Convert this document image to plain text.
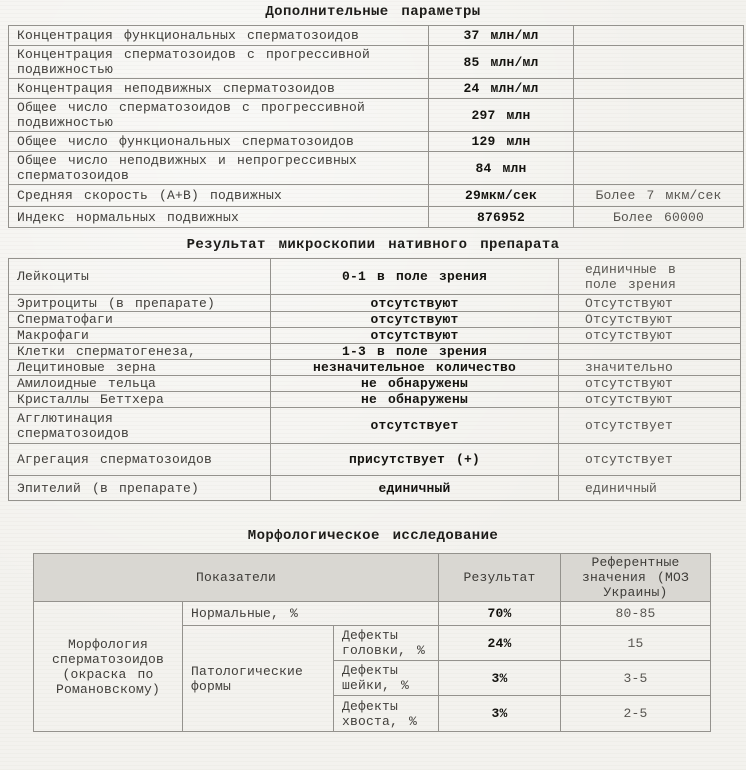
Дополнительные параметры
Концентрация функциональных сперматозоидов	37 млн/мл	
Концентрация сперматозоидов с прогрессивной подвижностью	85 млн/мл	
Концентрация неподвижных сперматозоидов	24 млн/мл	
Общее число сперматозоидов с прогрессивной подвижностью	297 млн	
Общее число функциональных сперматозоидов	129 млн	
Общее число неподвижных и непрогрессивных сперматозоидов	84 млн	
Средняя скорость (А+В) подвижных	29мкм/сек	Более 7 мкм/сек
Индекс нормальных подвижных	876952	Более 60000
Результат микроскопии нативного препарата
Лейкоциты	0-1 в поле зрения	единичные в поле зрения

Эритроциты (в препарате)	отсутствуют	Отсутствуют
Сперматофаги	отсутствуют	Отсутствуют
Макрофаги	отсутствуют	отсутствуют
Клетки сперматогенеза,	1-3 в поле зрения	
Лецитиновые зерна	незначительное количество	значительно
Амилоидные тельца	не обнаружены	отсутствуют
Кристаллы Беттхера	не обнаружены	отсутствуют

Агглютинация сперматозоидов	отсутствует	отсутствует
Агрегация сперматозоидов	присутствует (+)	отсутствует
Эпителий (в препарате)	единичный	единичный
Морфологическое исследование
Показатели			Результат	Референтные значения (МОЗ Украины)

Морфология сперматозоидов (окраска по Романовскому)	Нормальные, %		70%	80-85
	Патологические формы	Дефекты головки, %	24%	15
		Дефекты шейки, %	3%	3-5
		Дефекты хвоста, %	3%	2-5
